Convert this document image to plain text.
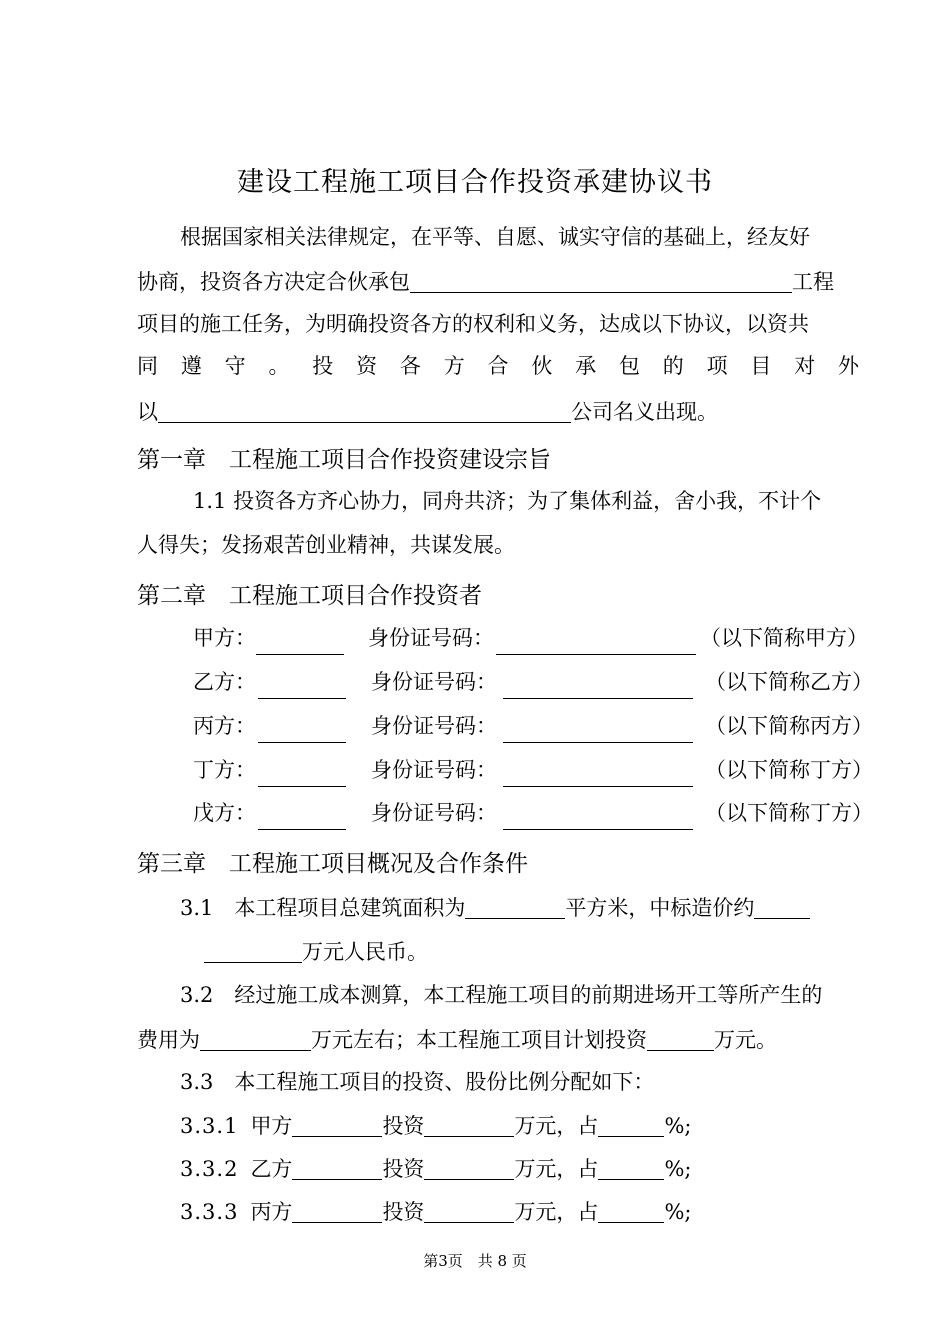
建设工程施工项目合作投资承建协议书
根据国家相关法律规定，在平等、自愿、诚实守信的基础上，经友好
协商，投资各方决定合伙承包	工程
项目的施工任务，为明确投资各方的权利和义务，达成以下协议，以资共
同 遵 守 。 投 资 各 方 合 伙 承 包 的 项 目 对 外
以	公司名义出现。
第一章　工程施工项目合作投资建设宗旨
1.1 投资各方齐心协力，同舟共济；为了集体利益，舍小我，不计个
人得失；发扬艰苦创业精神，共谋发展。
第二章　工程施工项目合作投资者
甲方：	身份证号码：	（以下简称甲方）
乙方：	身份证号码：	（以下简称乙方）
丙方：	身份证号码：	（以下简称丙方）
丁方：	身份证号码：	（以下简称丁方）
戊方：	身份证号码：	（以下简称丁方）
第三章　工程施工项目概况及合作条件
3.1　本工程项目总建筑面积为	平方米，中标造价约
万元人民币。
3.2　经过施工成本测算，本工程施工项目的前期进场开工等所产生的
费用为	万元左右；本工程施工项目计划投资	万元。
3.3　本工程施工项目的投资、股份比例分配如下：
3.3.1 甲方	投资	万元，占	%;
3.3.2 乙方	投资	万元，占	%;
3.3.3 丙方	投资	万元，占	%;
第3页　共 8 页
